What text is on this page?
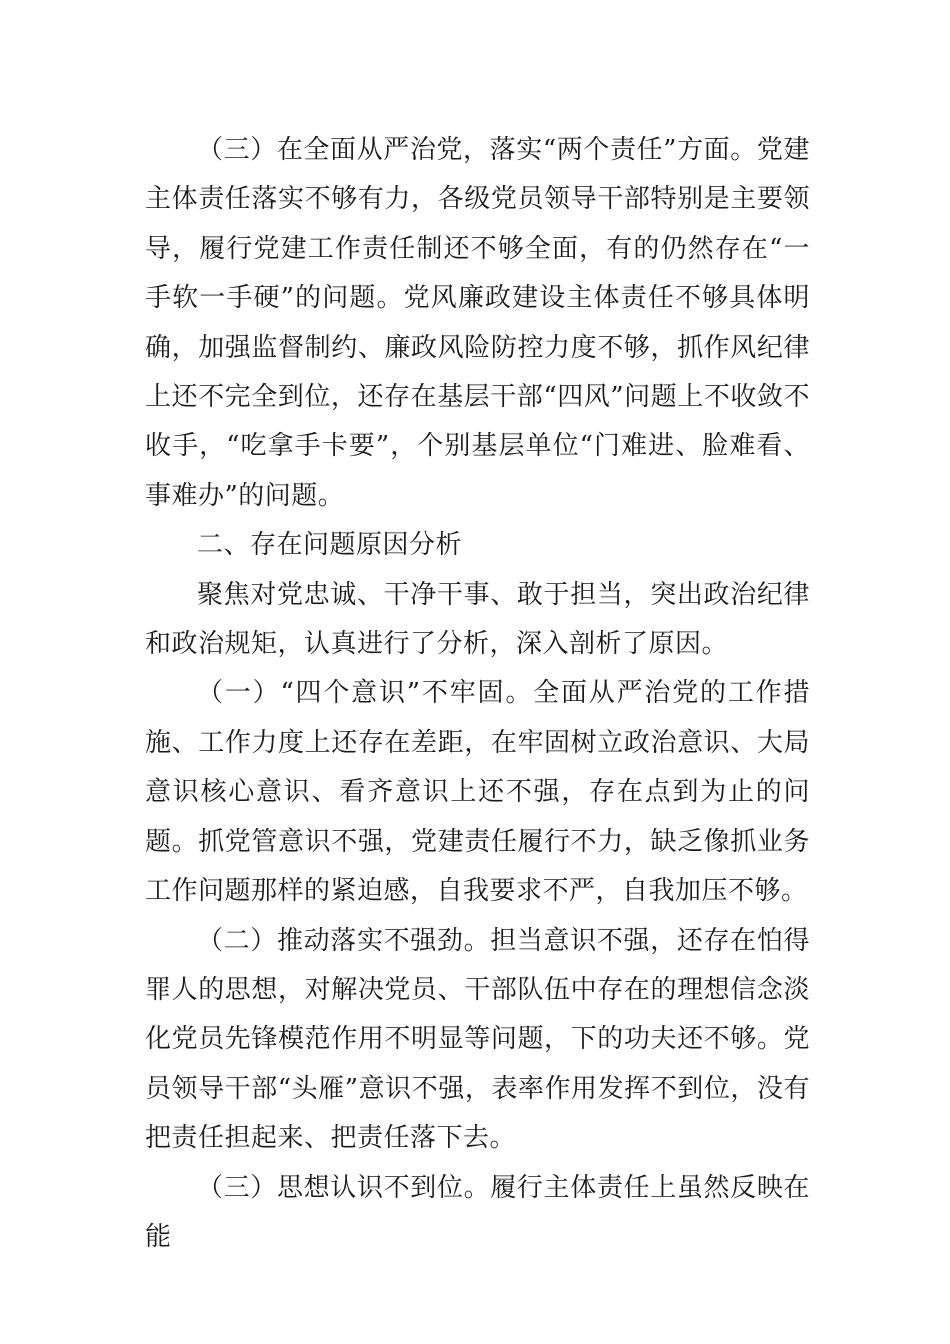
（三）在全面从严治党，落实“两个责任”方面。党建主体责任落实不够有力，各级党员领导干部特别是主要领导，履行党建工作责任制还不够全面，有的仍然存在“一手软一手硬”的问题。党风廉政建设主体责任不够具体明确，加强监督制约、廉政风险防控力度不够，抓作风纪律上还不完全到位，还存在基层干部“四风”问题上不收敛不收手，“吃拿手卡要”，个别基层单位“门难进、脸难看、事难办”的问题。

二、存在问题原因分析

聚焦对党忠诚、干净干事、敢于担当，突出政治纪律和政治规矩，认真进行了分析，深入剖析了原因。

（一）“四个意识”不牢固。全面从严治党的工作措施、工作力度上还存在差距，在牢固树立政治意识、大局意识核心意识、看齐意识上还不强，存在点到为止的问题。抓党管意识不强，党建责任履行不力，缺乏像抓业务工作问题那样的紧迫感，自我要求不严，自我加压不够。

（二）推动落实不强劲。担当意识不强，还存在怕得罪人的思想，对解决党员、干部队伍中存在的理想信念淡化党员先锋模范作用不明显等问题，下的功夫还不够。党员领导干部“头雁”意识不强，表率作用发挥不到位，没有把责任担起来、把责任落下去。

（三）思想认识不到位。履行主体责任上虽然反映在能
